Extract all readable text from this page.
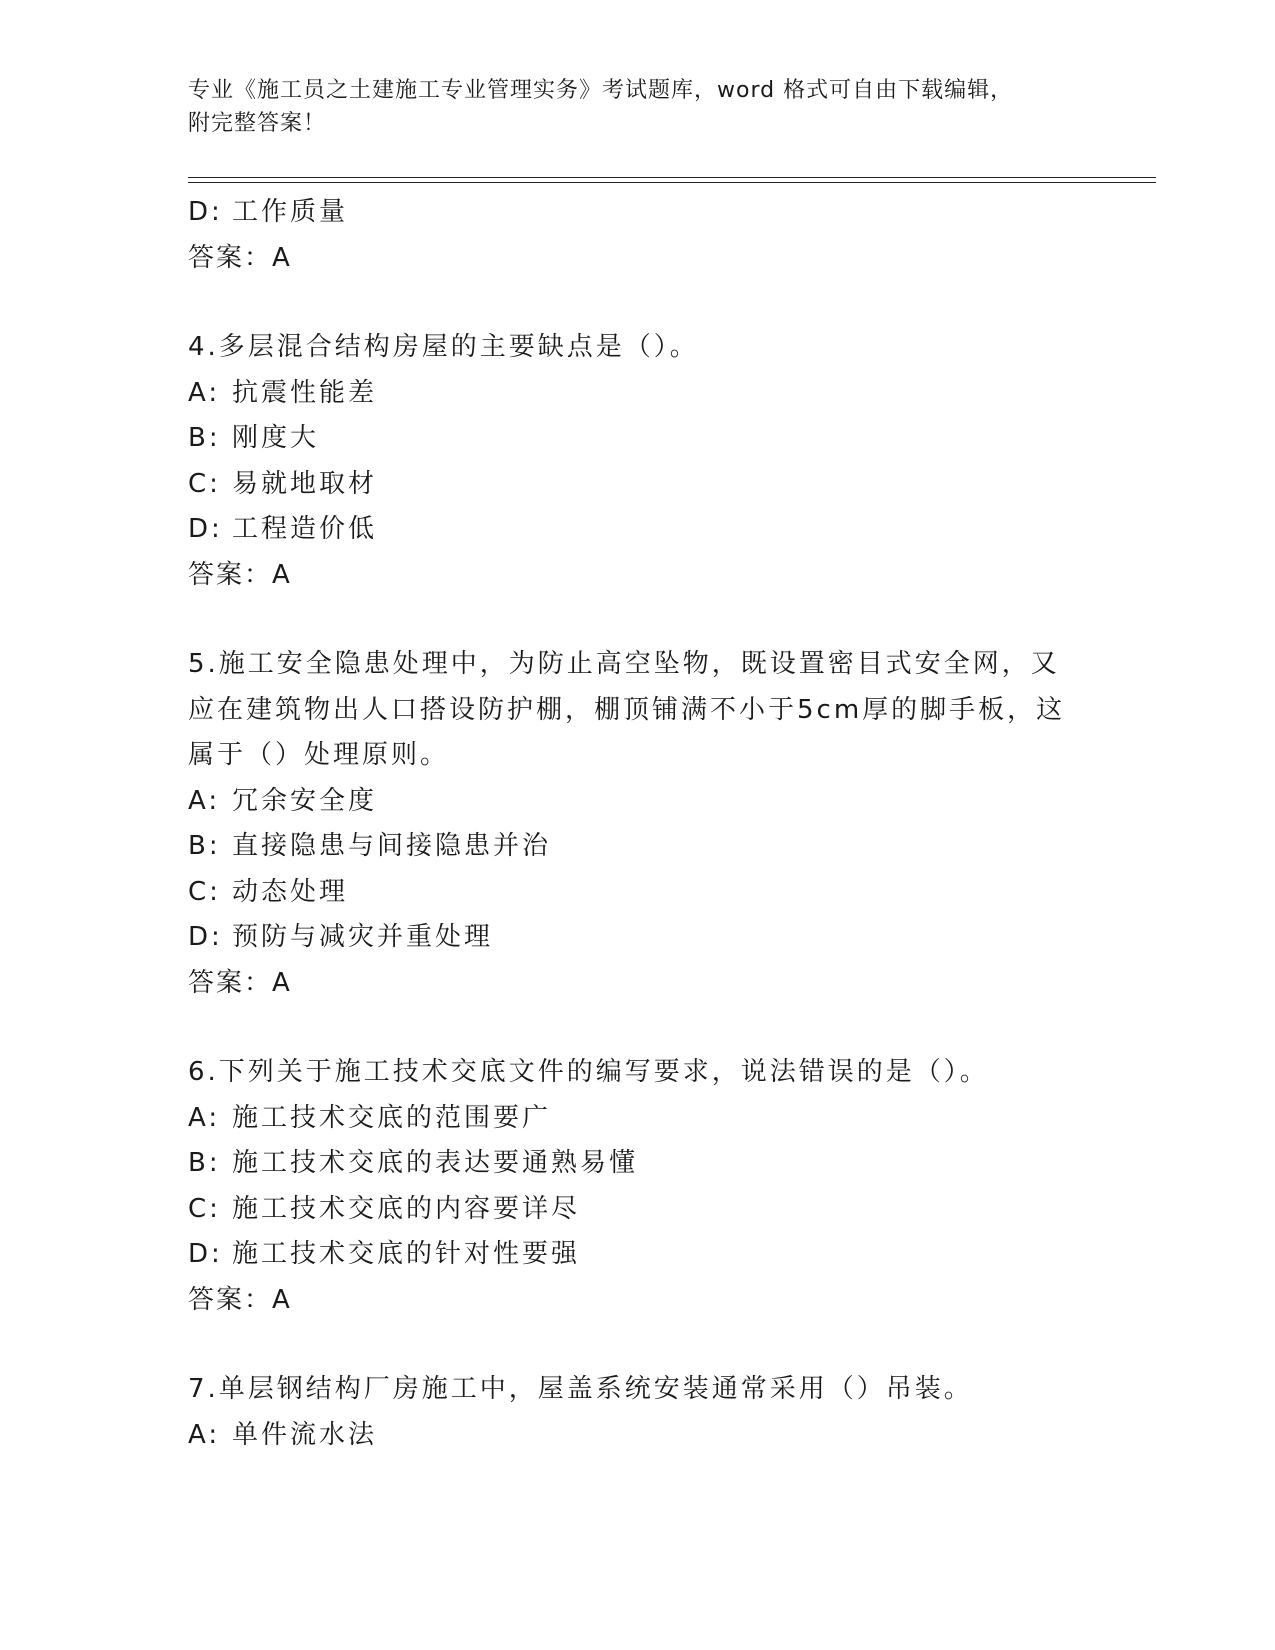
专业《施工员之土建施工专业管理实务》考试题库，word 格式可自由下载编辑，
附完整答案！
D: 工作质量
答案：A
4.多层混合结构房屋的主要缺点是（）。
A: 抗震性能差
B: 刚度大
C: 易就地取材
D: 工程造价低
答案：A
5.施工安全隐患处理中，为防止高空坠物，既设置密目式安全网，又
应在建筑物出人口搭设防护棚，棚顶铺满不小于5cm厚的脚手板，这
属于（）处理原则。
A: 冗余安全度
B: 直接隐患与间接隐患并治
C: 动态处理
D: 预防与减灾并重处理
答案：A
6.下列关于施工技术交底文件的编写要求，说法错误的是（）。
A: 施工技术交底的范围要广
B: 施工技术交底的表达要通熟易懂
C: 施工技术交底的内容要详尽
D: 施工技术交底的针对性要强
答案：A
7.单层钢结构厂房施工中，屋盖系统安装通常采用（）吊装。
A: 单件流水法
